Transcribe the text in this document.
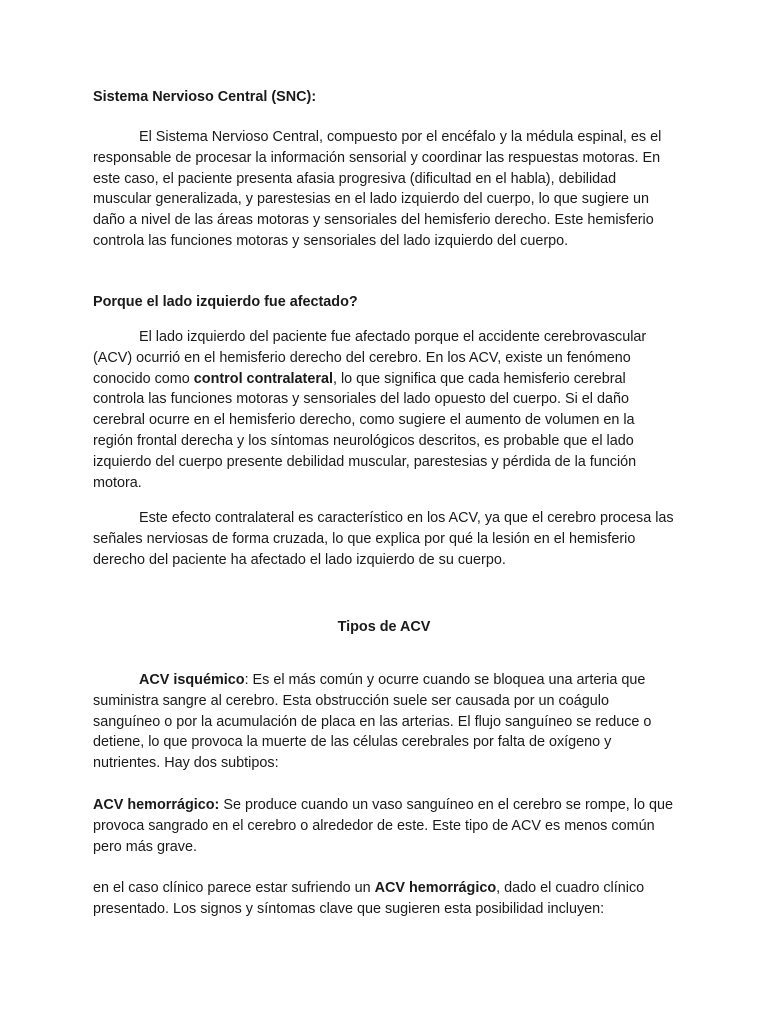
Sistema Nervioso Central (SNC):

El Sistema Nervioso Central, compuesto por el encéfalo y la médula espinal, es el responsable de procesar la información sensorial y coordinar las respuestas motoras. En este caso, el paciente presenta afasia progresiva (dificultad en el habla), debilidad muscular generalizada, y parestesias en el lado izquierdo del cuerpo, lo que sugiere un daño a nivel de las áreas motoras y sensoriales del hemisferio derecho. Este hemisferio controla las funciones motoras y sensoriales del lado izquierdo del cuerpo.

Porque el lado izquierdo fue afectado?

El lado izquierdo del paciente fue afectado porque el accidente cerebrovascular (ACV) ocurrió en el hemisferio derecho del cerebro. En los ACV, existe un fenómeno conocido como control contralateral, lo que significa que cada hemisferio cerebral controla las funciones motoras y sensoriales del lado opuesto del cuerpo. Si el daño cerebral ocurre en el hemisferio derecho, como sugiere el aumento de volumen en la región frontal derecha y los síntomas neurológicos descritos, es probable que el lado izquierdo del cuerpo presente debilidad muscular, parestesias y pérdida de la función motora.

Este efecto contralateral es característico en los ACV, ya que el cerebro procesa las señales nerviosas de forma cruzada, lo que explica por qué la lesión en el hemisferio derecho del paciente ha afectado el lado izquierdo de su cuerpo.

Tipos de ACV

ACV isquémico: Es el más común y ocurre cuando se bloquea una arteria que suministra sangre al cerebro. Esta obstrucción suele ser causada por un coágulo sanguíneo o por la acumulación de placa en las arterias. El flujo sanguíneo se reduce o detiene, lo que provoca la muerte de las células cerebrales por falta de oxígeno y nutrientes. Hay dos subtipos:

ACV hemorrágico: Se produce cuando un vaso sanguíneo en el cerebro se rompe, lo que provoca sangrado en el cerebro o alrededor de este. Este tipo de ACV es menos común pero más grave.

en el caso clínico parece estar sufriendo un ACV hemorrágico, dado el cuadro clínico presentado. Los signos y síntomas clave que sugieren esta posibilidad incluyen:
